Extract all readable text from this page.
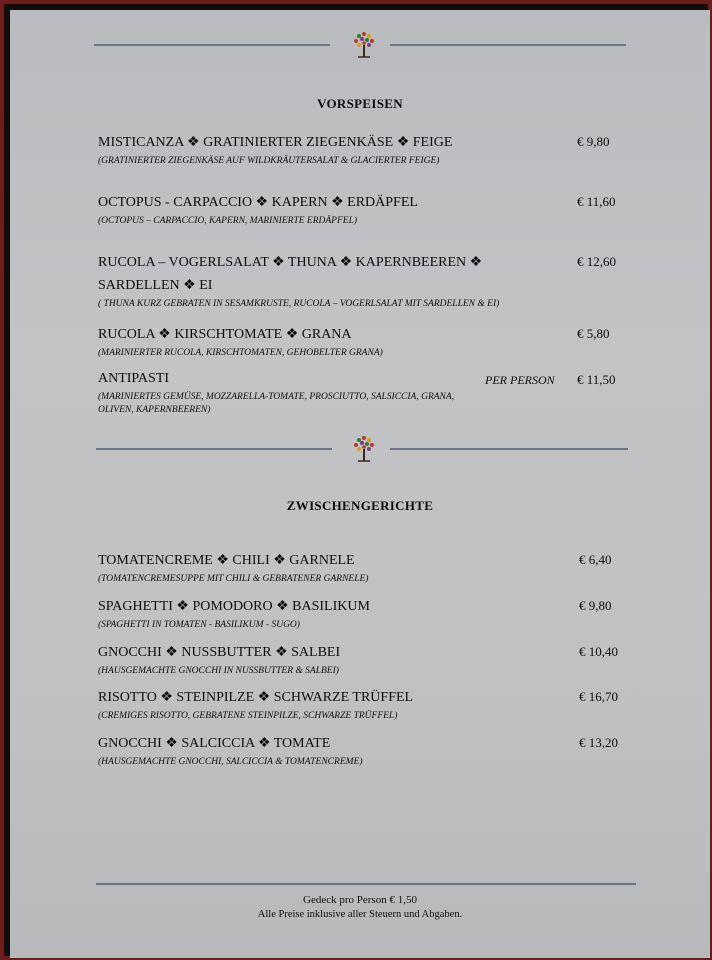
VORSPEISEN
MISTICANZA ❖ GRATINIERTER ZIEGENKÄSE ❖ FEIGE
(GRATINIERTER ZIEGENKÄSE AUF WILDKRÄUTERSALAT & GLACIERTER FEIGE)
€ 9,80
OCTOPUS - CARPACCIO ❖ KAPERN ❖ ERDÄPFEL
(OCTOPUS – CARPACCIO, KAPERN, MARINIERTE ERDÄPFEL)
€ 11,60
RUCOLA – VOGERLSALAT ❖ THUNA ❖ KAPERNBEEREN ❖
SARDELLEN ❖ EI
( THUNA KURZ GEBRATEN IN SESAMKRUSTE, RUCOLA – VOGERLSALAT MIT SARDELLEN & EI)
€ 12,60
RUCOLA ❖ KIRSCHTOMATE ❖ GRANA
(MARINIERTER RUCOLA, KIRSCHTOMATEN, GEHOBELTER GRANA)
€ 5,80
ANTIPASTI
(MARINIERTES GEMÜSE, MOZZARELLA-TOMATE, PROSCIUTTO, SALSICCIA, GRANA, OLIVEN, KAPERNBEEREN)
PER PERSON € 11,50
ZWISCHENGERICHTE
TOMATENCREME ❖ CHILI ❖ GARNELE
(TOMATENCREMESUPPE MIT CHILI & GEBRATENER GARNELE)
€ 6,40
SPAGHETTI ❖ POMODORO ❖ BASILIKUM
(SPAGHETTI IN TOMATEN - BASILIKUM - SUGO)
€ 9,80
GNOCCHI ❖ NUSSBUTTER ❖ SALBEI
(HAUSGEMACHTE GNOCCHI IN NUSSBUTTER & SALBEI)
€ 10,40
RISOTTO ❖ STEINPILZE ❖ SCHWARZE TRÜFFEL
(CREMIGES RISOTTO, GEBRATENE STEINPILZE, SCHWARZE TRÜFFEL)
€ 16,70
GNOCCHI ❖ SALCICCIA ❖ TOMATE
(HAUSGEMACHTE GNOCCHI, SALCICCIA & TOMATENCREME)
€ 13,20
Gedeck pro Person € 1,50
Alle Preise inklusive aller Steuern und Abgaben.
